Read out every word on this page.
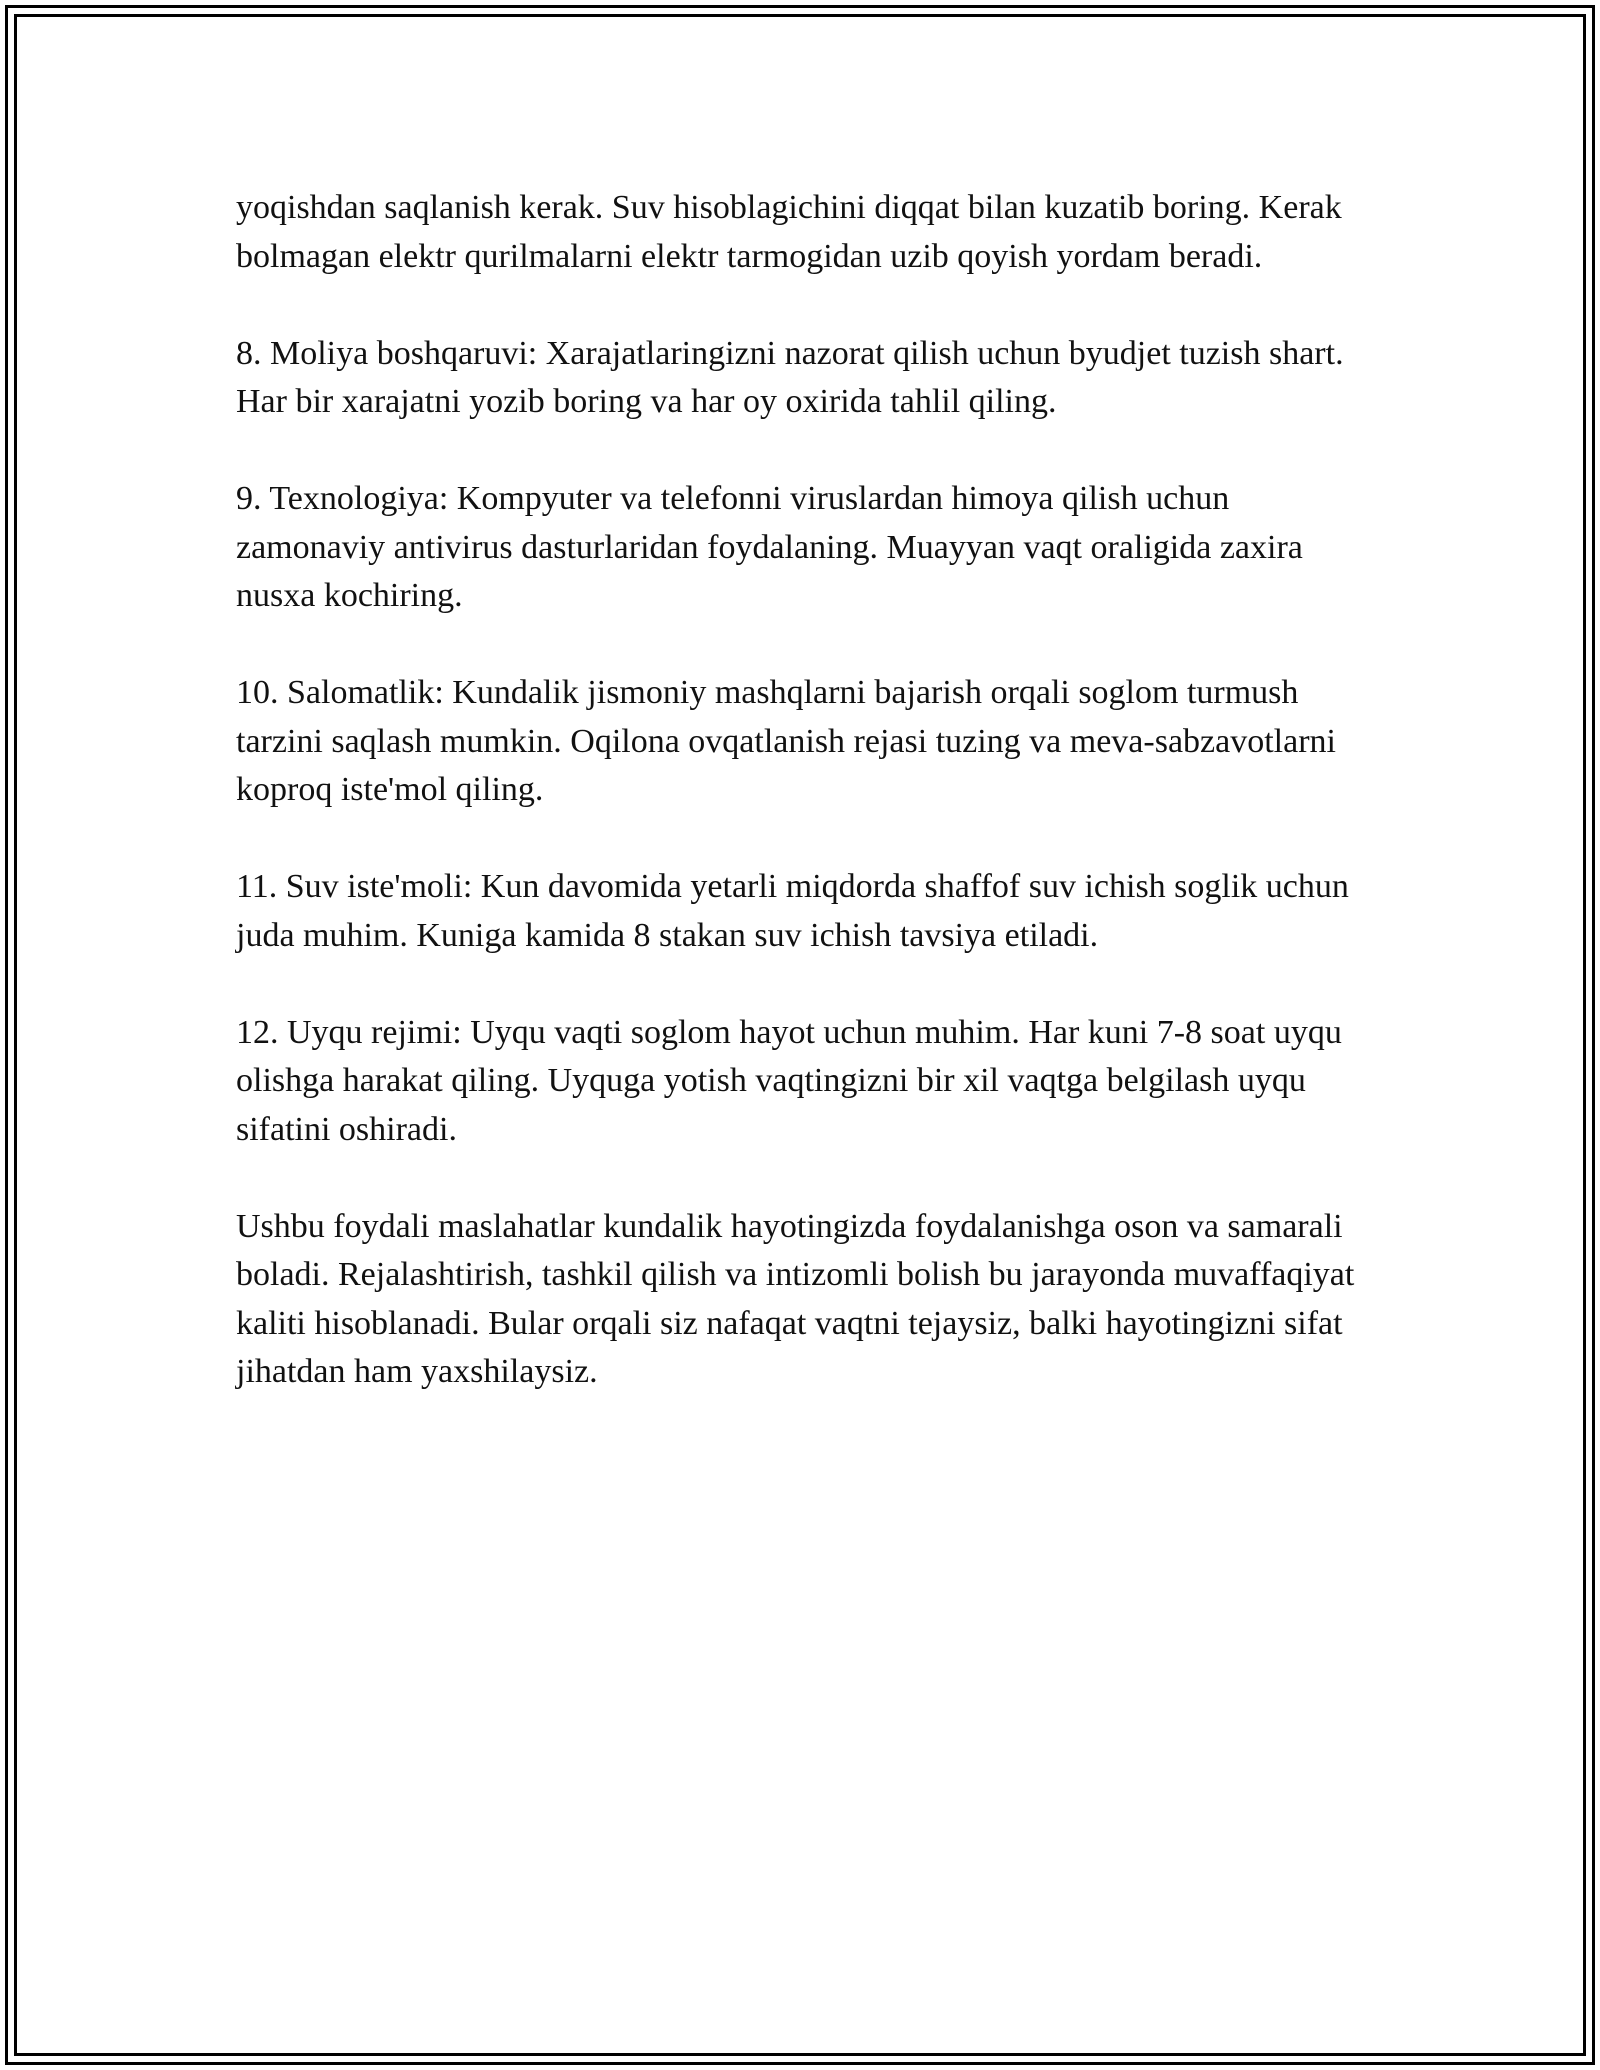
yoqishdan saqlanish kerak. Suv hisoblagichini diqqat bilan kuzatib boring. Kerak bolmagan elektr qurilmalarni elektr tarmogidan uzib qoyish yordam beradi.

8. Moliya boshqaruvi: Xarajatlaringizni nazorat qilish uchun byudjet tuzish shart. Har bir xarajatni yozib boring va har oy oxirida tahlil qiling.

9. Texnologiya: Kompyuter va telefonni viruslardan himoya qilish uchun zamonaviy antivirus dasturlaridan foydalaning. Muayyan vaqt oraligida zaxira nusxa kochiring.

10. Salomatlik: Kundalik jismoniy mashqlarni bajarish orqali soglom turmush tarzini saqlash mumkin. Oqilona ovqatlanish rejasi tuzing va meva-sabzavotlarni koproq iste'mol qiling.

11. Suv iste'moli: Kun davomida yetarli miqdorda shaffof suv ichish soglik uchun juda muhim. Kuniga kamida 8 stakan suv ichish tavsiya etiladi.

12. Uyqu rejimi: Uyqu vaqti soglom hayot uchun muhim. Har kuni 7-8 soat uyqu olishga harakat qiling. Uyquga yotish vaqtingizni bir xil vaqtga belgilash uyqu sifatini oshiradi.

Ushbu foydali maslahatlar kundalik hayotingizda foydalanishga oson va samarali boladi. Rejalashtirish, tashkil qilish va intizomli bolish bu jarayonda muvaffaqiyat kaliti hisoblanadi. Bular orqali siz nafaqat vaqtni tejaysiz, balki hayotingizni sifat jihatdan ham yaxshilaysiz.
